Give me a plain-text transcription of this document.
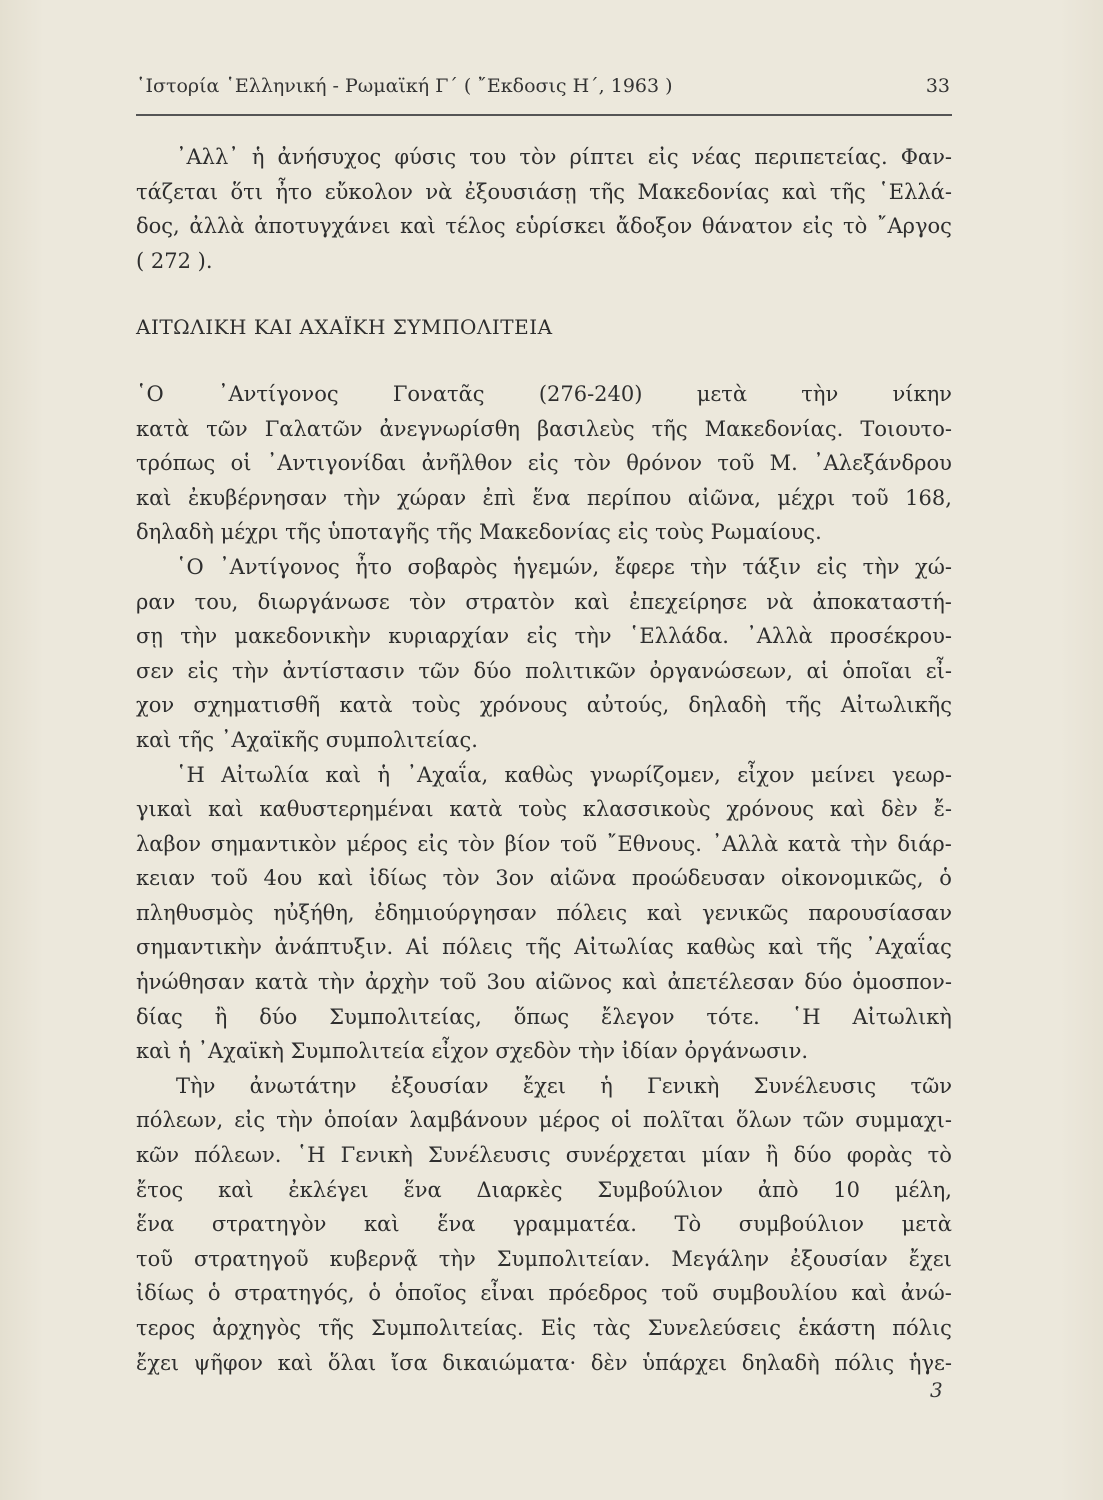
῾Ιστορία ῾Ελληνική - Ρωμαϊκή Γ΄ ( ῎Εκδοσις Η΄, 1963 )	33
᾿Αλλ᾿ ἡ ἀνήσυχος φύσις του τὸν ρίπτει εἰς νέας περιπετείας. Φαν-
τάζεται ὅτι ἦτο εὔκολον νὰ ἐξουσιάσῃ τῆς Μακεδονίας καὶ τῆς ῾Ελλά-
δος, ἀλλὰ ἀποτυγχάνει καὶ τέλος εὑρίσκει ἄδοξον θάνατον εἰς τὸ ῎Αργος
( 272 ).
ΑΙΤΩΛΙΚΗ ΚΑΙ ΑΧΑΪΚΗ ΣΥΜΠΟΛΙΤΕΙΑ
῾Ο	᾿Αντίγονος	Γονατᾶς	(276-240)	μετὰ	τὴν	νίκην
κατὰ τῶν Γαλατῶν ἀνεγνωρίσθη βασιλεὺς τῆς Μακεδονίας. Τοιουτο-
τρόπως οἱ ᾿Αντιγονίδαι ἀνῆλθον εἰς τὸν θρόνον τοῦ Μ. ᾿Αλεξάνδρου
καὶ ἐκυβέρνησαν τὴν χώραν ἐπὶ ἕνα περίπου αἰῶνα, μέχρι τοῦ 168,
δηλαδὴ μέχρι τῆς ὑποταγῆς τῆς Μακεδονίας εἰς τοὺς Ρωμαίους.
῾Ο ᾿Αντίγονος ἦτο σοβαρὸς ἡγεμών, ἔφερε τὴν τάξιν εἰς τὴν χώ-
ραν του, διωργάνωσε τὸν στρατὸν καὶ ἐπεχείρησε νὰ ἀποκαταστή-
σῃ τὴν μακεδονικὴν κυριαρχίαν εἰς τὴν ῾Ελλάδα. ᾿Αλλὰ προσέκρου-
σεν εἰς τὴν ἀντίστασιν τῶν δύο πολιτικῶν ὀργανώσεων, αἱ ὁποῖαι εἶ-
χον σχηματισθῆ κατὰ τοὺς χρόνους αὐτούς, δηλαδὴ τῆς Αἰτωλικῆς
καὶ τῆς ᾿Αχαϊκῆς συμπολιτείας.
῾Η Αἰτωλία καὶ ἡ ᾿Αχαΐα, καθὼς γνωρίζομεν, εἶχον μείνει γεωρ-
γικαὶ καὶ καθυστερημέναι κατὰ τοὺς κλασσικοὺς χρόνους καὶ δὲν ἔ-
λαβον σημαντικὸν μέρος εἰς τὸν βίον τοῦ ῎Εθνους. ᾿Αλλὰ κατὰ τὴν διάρ-
κειαν τοῦ 4ου καὶ ἰδίως τὸν 3ον αἰῶνα προώδευσαν οἰκονομικῶς, ὁ
πληθυσμὸς ηὐξήθη, ἐδημιούργησαν πόλεις καὶ γενικῶς παρουσίασαν
σημαντικὴν ἀνάπτυξιν. Αἱ πόλεις τῆς Αἰτωλίας καθὼς καὶ τῆς ᾿Αχαΐας
ἡνώθησαν κατὰ τὴν ἀρχὴν τοῦ 3ου αἰῶνος καὶ ἀπετέλεσαν δύο ὁμοσπον-
δίας ἢ δύο Συμπολιτείας, ὅπως ἔλεγον τότε. ῾Η Αἰτωλικὴ
καὶ ἡ ᾿Αχαϊκὴ Συμπολιτεία εἶχον σχεδὸν τὴν ἰδίαν ὀργάνωσιν.
Τὴν ἀνωτάτην ἐξουσίαν ἔχει ἡ Γενικὴ Συνέλευσις τῶν
πόλεων, εἰς τὴν ὁποίαν λαμβάνουν μέρος οἱ πολῖται ὅλων τῶν συμμαχι-
κῶν πόλεων. ῾Η Γενικὴ Συνέλευσις συνέρχεται μίαν ἢ δύο φορὰς τὸ
ἔτος καὶ ἐκλέγει ἕνα Διαρκὲς Συμβούλιον ἀπὸ 10 μέλη,
ἕνα στρατηγὸν καὶ ἕνα γραμματέα. Τὸ συμβούλιον μετὰ
τοῦ στρατηγοῦ κυβερνᾷ τὴν Συμπολιτείαν. Μεγάλην ἐξουσίαν ἔχει
ἰδίως ὁ στρατηγός, ὁ ὁποῖος εἶναι πρόεδρος τοῦ συμβουλίου καὶ ἀνώ-
τερος ἀρχηγὸς τῆς Συμπολιτείας. Εἰς τὰς Συνελεύσεις ἑκάστη πόλις
ἔχει ψῆφον καὶ ὅλαι ἴσα δικαιώματα· δὲν ὑπάρχει δηλαδὴ πόλις ἡγε-
3
